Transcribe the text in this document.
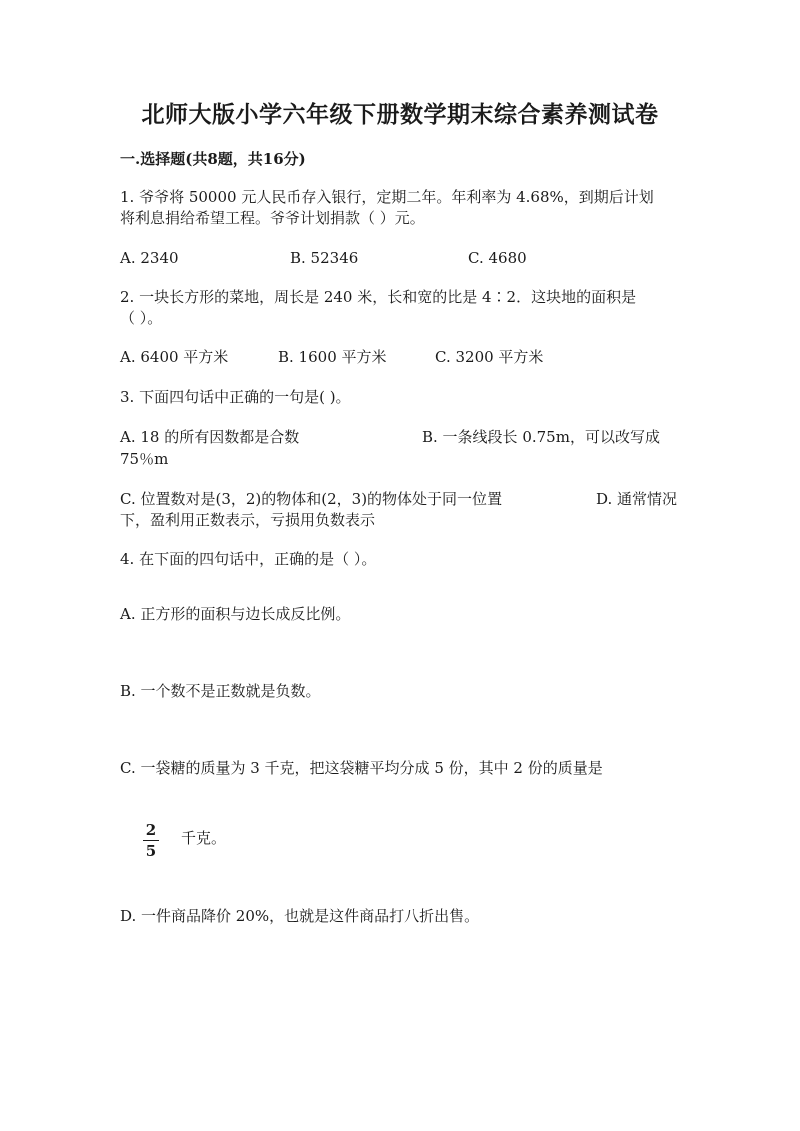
北师大版小学六年级下册数学期末综合素养测试卷
一.选择题(共8题，共16分)
1. 爷爷将 50000 元人民币存入银行，定期二年。年利率为 4.68%，到期后计划
将利息捐给希望工程。爷爷计划捐款（ ）元。
A. 2340	B. 52346	C. 4680
2. 一块长方形的菜地，周长是 240 米，长和宽的比是 4∶2．这块地的面积是
（ ）。
A. 6400 平方米	B. 1600 平方米	C. 3200 平方米
3. 下面四句话中正确的一句是( )。
A. 18 的所有因数都是合数	B. 一条线段长 0.75m，可以改写成
75％m
C. 位置数对是(3，2)的物体和(2，3)的物体处于同一位置	D. 通常情况
下，盈利用正数表示，亏损用负数表示
4. 在下面的四句话中，正确的是（ ）。
A. 正方形的面积与边长成反比例。
B. 一个数不是正数就是负数。
C. 一袋糖的质量为 3 千克，把这袋糖平均分成 5 份，其中 2 份的质量是
2
5
千克。
D. 一件商品降价 20%，也就是这件商品打八折出售。
